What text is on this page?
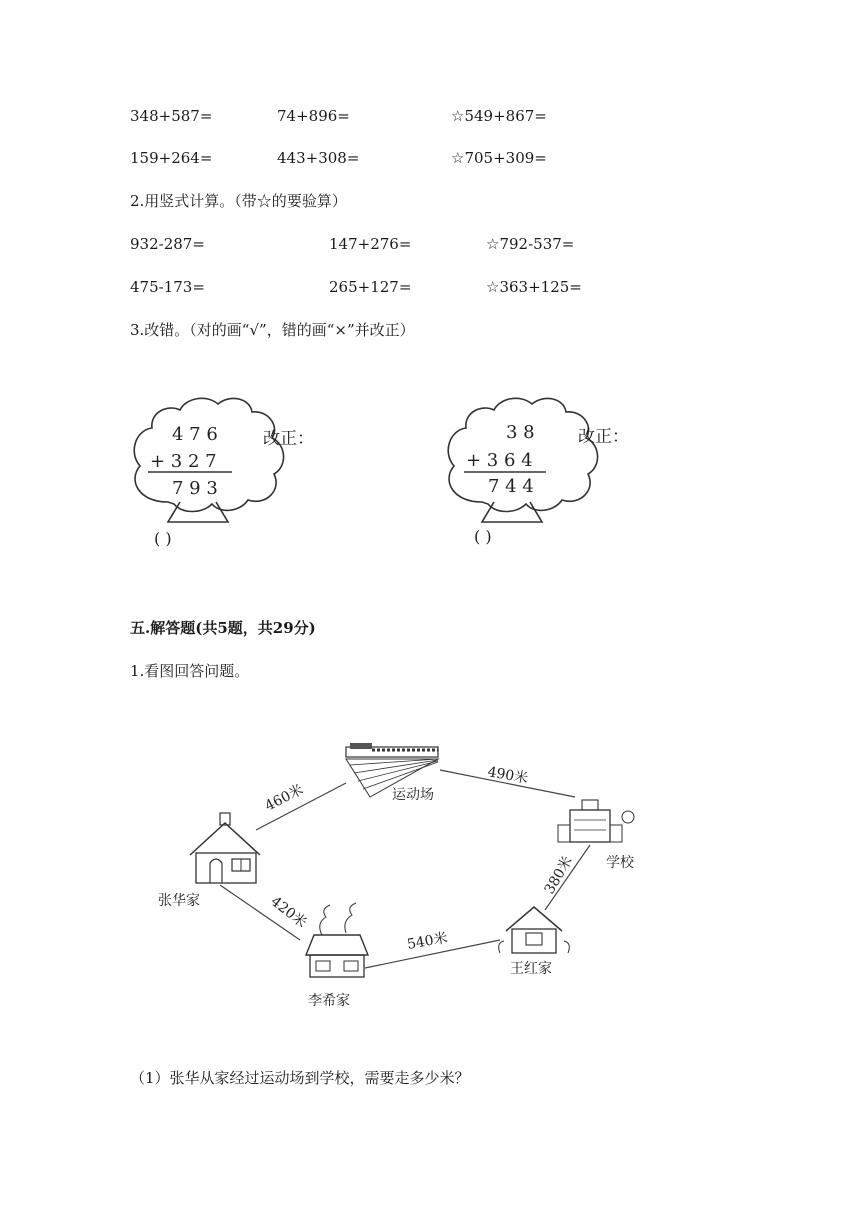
348+587=	74+896=	☆549+867=
159+264=	443+308=	☆705+309=
2.用竖式计算。（带☆的要验算）
932-287=	147+276=	☆792-537=
475-173=	265+127=	☆363+125=
3.改错。（对的画“√”，错的画“×”并改正）
4 7 6
+ 3 2 7
7 9 3
改正：
( )
3 8
+ 3 6 4
7 4 4
改正：
( )
五.解答题(共5题，共29分)
1.看图回答问题。
460米
490米
380米
420米
540米
运动场
张华家
学校
王红家
李希家
（1）张华从家经过运动场到学校，需要走多少米？
